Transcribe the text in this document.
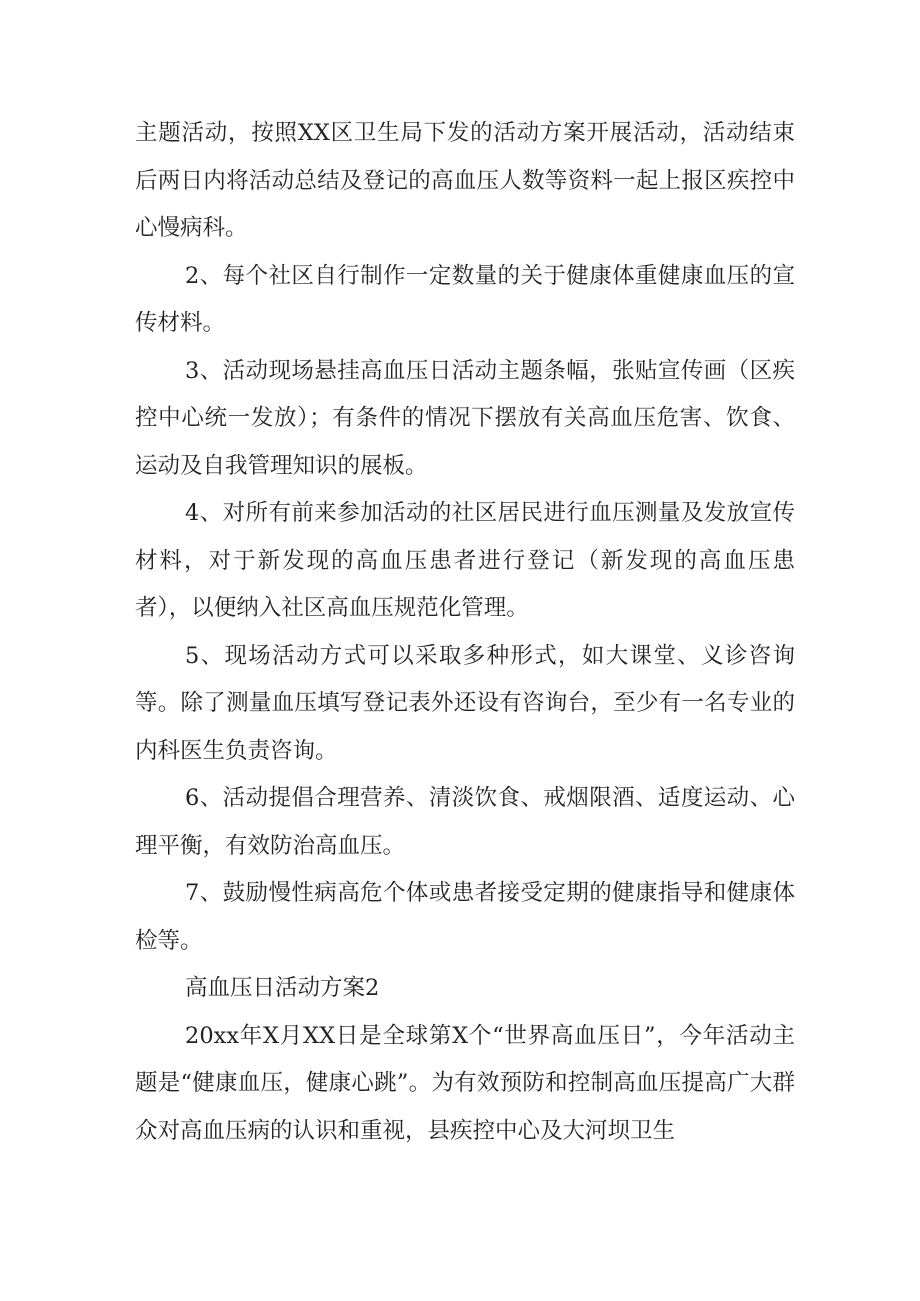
主题活动，按照XX区卫生局下发的活动方案开展活动，活动结束后两日内将活动总结及登记的高血压人数等资料一起上报区疾控中心慢病科。

2、每个社区自行制作一定数量的关于健康体重健康血压的宣传材料。

3、活动现场悬挂高血压日活动主题条幅，张贴宣传画（区疾控中心统一发放）；有条件的情况下摆放有关高血压危害、饮食、运动及自我管理知识的展板。

4、对所有前来参加活动的社区居民进行血压测量及发放宣传材料，对于新发现的高血压患者进行登记（新发现的高血压患者），以便纳入社区高血压规范化管理。

5、现场活动方式可以采取多种形式，如大课堂、义诊咨询等。除了测量血压填写登记表外还设有咨询台，至少有一名专业的内科医生负责咨询。

6、活动提倡合理营养、清淡饮食、戒烟限酒、适度运动、心理平衡，有效防治高血压。

7、鼓励慢性病高危个体或患者接受定期的健康指导和健康体检等。

高血压日活动方案2

20xx年X月XX日是全球第X个“世界高血压日”，今年活动主题是“健康血压，健康心跳”。为有效预防和控制高血压提高广大群众对高血压病的认识和重视，县疾控中心及大河坝卫生
